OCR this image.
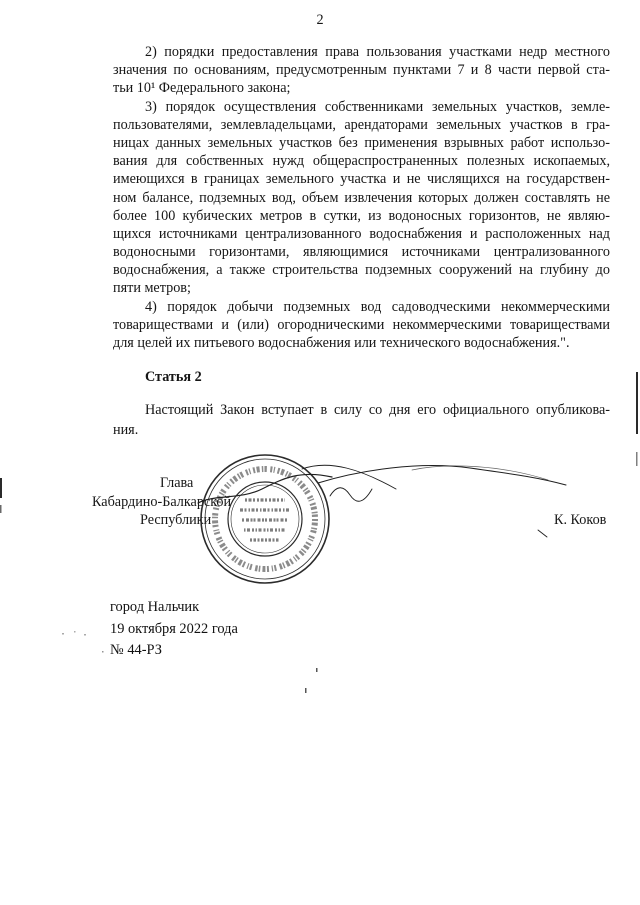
2
2) порядки предоставления права пользования участками недр местного
значения по основаниям, предусмотренным пунктами 7 и 8 части первой ста-
тьи 10¹ Федерального закона;
3) порядок осуществления собственниками земельных участков, земле-
пользователями, землевладельцами, арендаторами земельных участков в гра-
ницах данных земельных участков без применения взрывных работ использо-
вания для собственных нужд общераспространенных полезных ископаемых,
имеющихся в границах земельного участка и не числящихся на государствен-
ном балансе, подземных вод, объем извлечения которых должен составлять не
более 100 кубических метров в сутки, из водоносных горизонтов, не являю-
щихся источниками централизованного водоснабжения и расположенных над
водоносными горизонтами, являющимися источниками централизованного
водоснабжения, а также строительства подземных сооружений на глубину до
пяти метров;
4) порядок добычи подземных вод садоводческими некоммерческими
товариществами и (или) огородническими некоммерческими товариществами
для целей их питьевого водоснабжения или технического водоснабжения.".
Статья 2
Настоящий Закон вступает в силу со дня его официального опубликова-
ния.
Глава
Кабардино-Балкарской
Республики	К. Коков
город Нальчик
19 октября 2022 года
№ 44-РЗ
